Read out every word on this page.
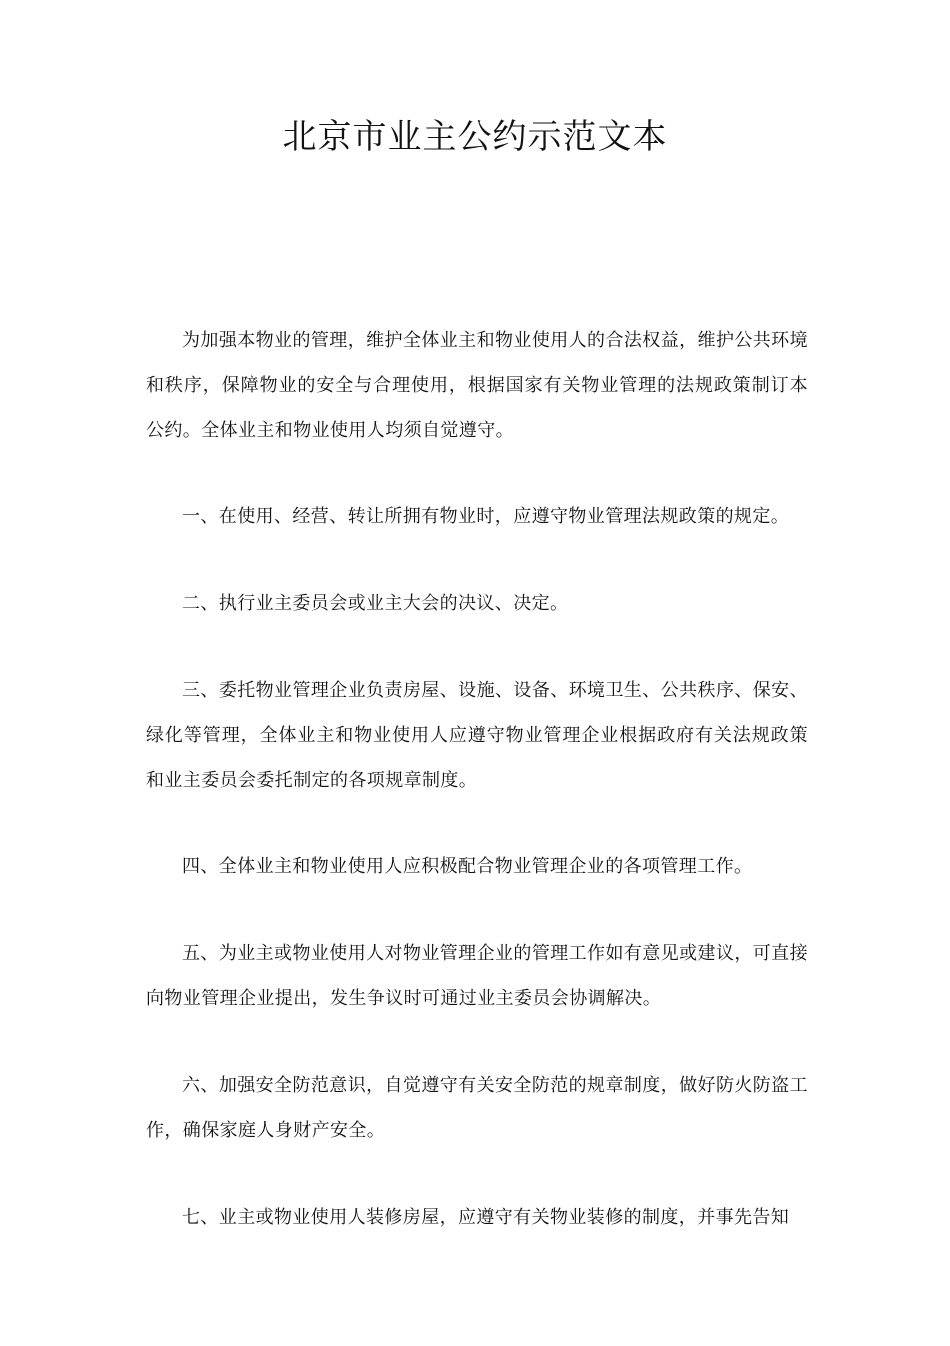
北京市业主公约示范文本

为加强本物业的管理，维护全体业主和物业使用人的合法权益，维护公共环境和秩序，保障物业的安全与合理使用，根据国家有关物业管理的法规政策制订本公约。全体业主和物业使用人均须自觉遵守。

一、在使用、经营、转让所拥有物业时，应遵守物业管理法规政策的规定。

二、执行业主委员会或业主大会的决议、决定。

三、委托物业管理企业负责房屋、设施、设备、环境卫生、公共秩序、保安、绿化等管理，全体业主和物业使用人应遵守物业管理企业根据政府有关法规政策和业主委员会委托制定的各项规章制度。

四、全体业主和物业使用人应积极配合物业管理企业的各项管理工作。

五、为业主或物业使用人对物业管理企业的管理工作如有意见或建议，可直接向物业管理企业提出，发生争议时可通过业主委员会协调解决。

六、加强安全防范意识，自觉遵守有关安全防范的规章制度，做好防火防盗工作，确保家庭人身财产安全。

七、业主或物业使用人装修房屋，应遵守有关物业装修的制度，并事先告知
